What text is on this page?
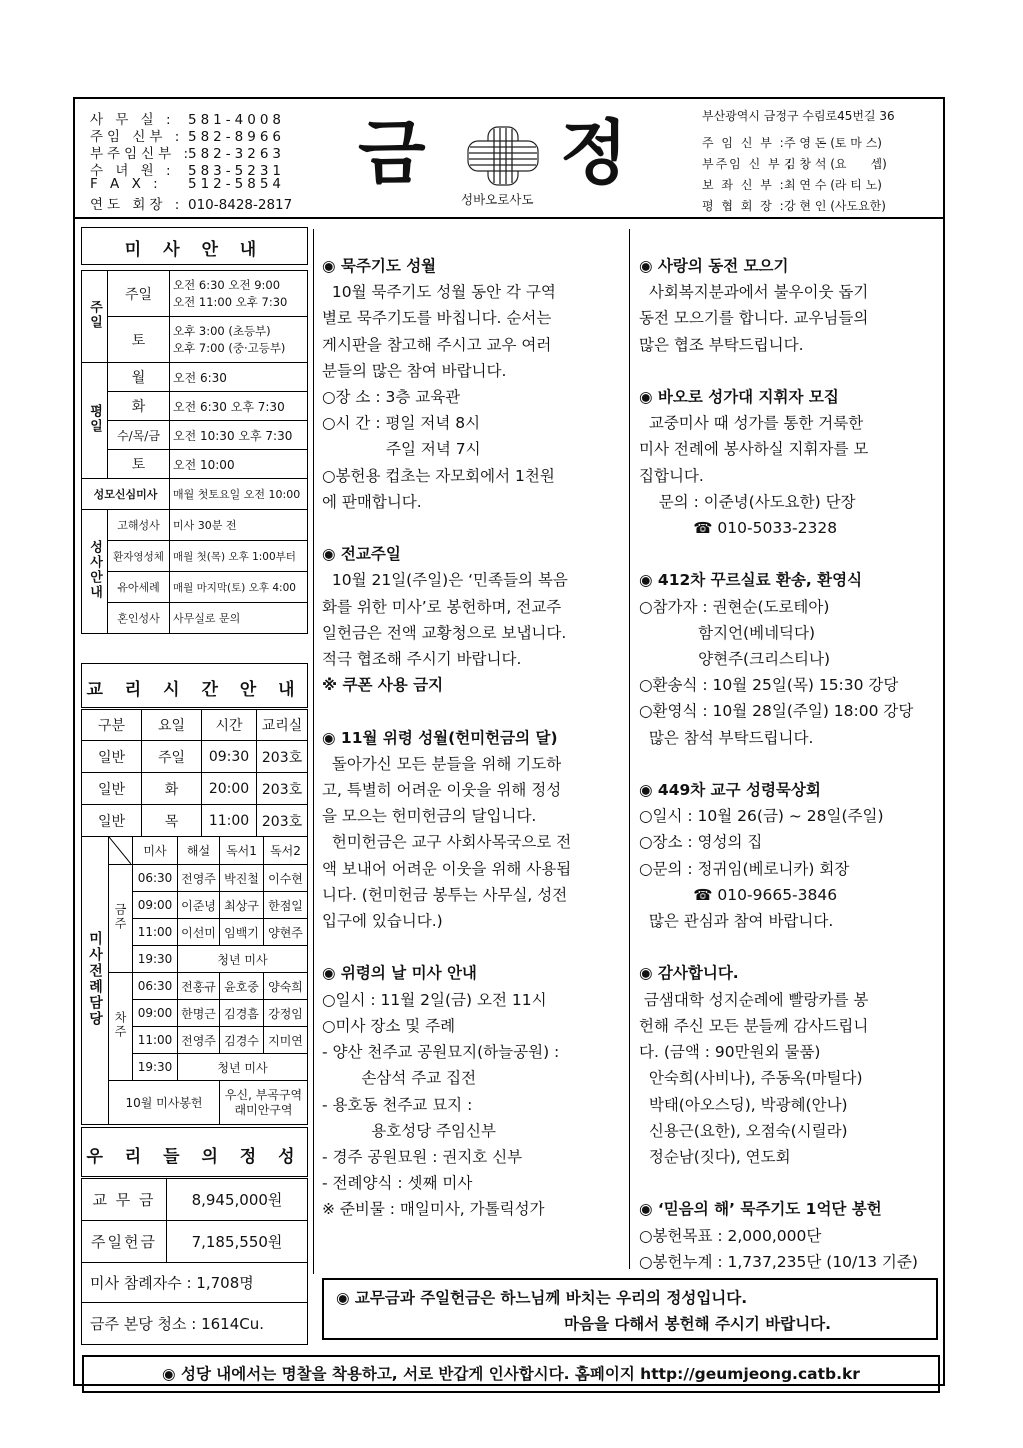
사 무 실 : 581-4008
주임 신부 : 582-8966
부주임신부 :582-3263
수 녀 원 : 583-5231
F A X : 512-5854
연도 회장 : 010-8428-2817
금 정
성바오로사도
부산광역시 금정구 수림로45번길 36
주 임 신 부 :주 영 돈 (토 마 스)
부주임 신 부 :김 창 석 (요　　셉)
보 좌 신 부 :최 연 수 (라 티 노)
평 협 회 장 :강 현 인 (사도요한)
미 사 안 내
주일	주일	오전 6:30 오전 9:00
오전 11:00 오후 7:30

	토	오후 3:00 (초등부)
오후 7:00 (중·고등부)

평일	월	오전 6:30
	화	오전 6:30 오후 7:30
	수/목/금	오전 10:30 오후 7:30
	토	오전 10:00
성모신심미사		매월 첫토요일 오전 10:00
성사안내	고해성사	미사 30분 전
	환자영성체	매월 첫(목) 오후 1:00부터
	유아세례	매월 마지막(토) 오후 4:00
	혼인성사	사무실로 문의
교 리 시 간 안 내
구분	요일	시간	교리실
일반	주일	09:30	203호
일반	화	20:00	203호
일반	목	11:00	203호
미사전례담당		미사	해설	독서1	독서2
	금주	06:30	전영주	박진철	이수현
		09:00	이준녕	최상구	한점일
		11:00	이선미	임백기	양현주
		19:30	청년 미사		
	차주	06:30	전홍규	윤호중	양숙희
		09:00	한명근	김경흠	강정임
		11:00	전영주	김경수	지미연
		19:30	청년 미사		
	10월 미사봉헌			우신, 부곡구역
래미안구역	
우 리 들 의 정 성
교 무 금	8,945,000원
주일헌금	7,185,550원
미사 참례자수 : 1,708명	
금주 본당 청소 : 1614Cu.	

◉ 묵주기도 성월

10월 묵주기도 성월 동안 각 구역

별로 묵주기도를 바칩니다. 순서는

게시판을 참고해 주시고 교우 여러

분들의 많은 참여 바랍니다.

○장 소 : 3층 교육관

○시 간 : 평일 저녁 8시

주일 저녁 7시

○봉헌용 컵초는 자모회에서 1천원

에 판매합니다.

◉ 전교주일

10월 21일(주일)은 ‘민족들의 복음

화를 위한 미사’로 봉헌하며, 전교주

일헌금은 전액 교황청으로 보냅니다.

적극 협조해 주시기 바랍니다.

※ 쿠폰 사용 금지

◉ 11월 위령 성월(헌미헌금의 달)

돌아가신 모든 분들을 위해 기도하

고, 특별히 어려운 이웃을 위해 정성

을 모으는 헌미헌금의 달입니다.

헌미헌금은 교구 사회사목국으로 전

액 보내어 어려운 이웃을 위해 사용됩

니다. (헌미헌금 봉투는 사무실, 성전

입구에 있습니다.)

◉ 위령의 날 미사 안내

○일시 : 11월 2일(금) 오전 11시

○미사 장소 및 주례

- 양산 천주교 공원묘지(하늘공원) :

손삼석 주교 집전

- 용호동 천주교 묘지 :

용호성당 주임신부

- 경주 공원묘원 : 권지호 신부

- 전례양식 : 셋째 미사

※ 준비물 : 매일미사, 가톨릭성가

◉ 사랑의 동전 모으기

사회복지분과에서 불우이웃 돕기

동전 모으기를 합니다. 교우님들의

많은 협조 부탁드립니다.

◉ 바오로 성가대 지휘자 모집

교중미사 때 성가를 통한 거룩한

미사 전례에 봉사하실 지휘자를 모

집합니다.

문의 : 이준녕(사도요한) 단장

☎ 010-5033-2328

◉ 412차 꾸르실료 환송, 환영식

○참가자 : 권현순(도로테아)

함지언(베네딕다)

양현주(크리스티나)

○환송식 : 10월 25일(목) 15:30 강당

○환영식 : 10월 28일(주일) 18:00 강당

많은 참석 부탁드립니다.

◉ 449차 교구 성령묵상회

○일시 : 10월 26(금) ~ 28일(주일)

○장소 : 영성의 집

○문의 : 정귀임(베로니카) 회장

☎ 010-9665-3846

많은 관심과 참여 바랍니다.

◉ 감사합니다.

금샘대학 성지순례에 빨랑카를 봉

헌해 주신 모든 분들께 감사드립니

다. (금액 : 90만원외 물품)

안숙희(사비나), 주동옥(마틸다)

박태(아오스딩), 박광혜(안나)

신용근(요한), 오점숙(시릴라)

정순남(짓다), 연도회

◉ ‘믿음의 해’ 묵주기도 1억단 봉헌

○봉헌목표 : 2,000,000단

○봉헌누계 : 1,737,235단 (10/13 기준)

◉ 교무금과 주일헌금은 하느님께 바치는 우리의 정성입니다.
마음을 다해서 봉헌해 주시기 바랍니다.
◉ 성당 내에서는 명찰을 착용하고, 서로 반갑게 인사합시다. 홈페이지 http://geumjeong.catb.kr
